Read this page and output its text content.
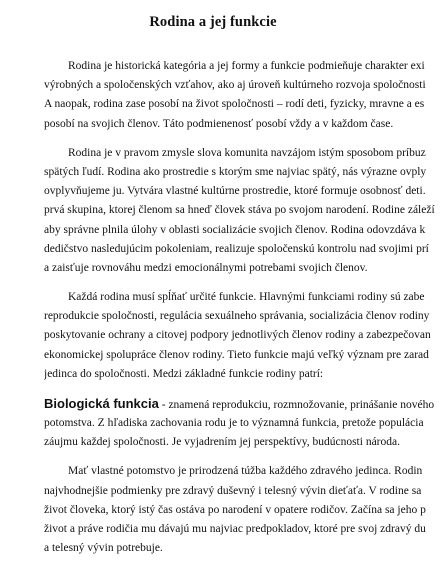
Rodina a jej funkcie
Rodina je historická kategória a jej formy a funkcie podmieňuje charakter exi
výrobných a spoločenských vzťahov, ako aj úroveň kultúrneho rozvoja spoločnosti
A naopak, rodina zase posobí na život spoločnosti – rodí deti, fyzicky, mravne a es
posobí na svojich členov. Táto podmienenosť posobí vždy a v každom čase.
Rodina je v pravom zmysle slova komunita navzájom istým sposobom príbuz
spätých ľudí. Rodina ako prostredie s ktorým sme najviac spätý, nás výrazne ovply
ovplyvňujeme ju. Vytvára vlastné kultúrne prostredie, ktoré formuje osobnosť deti.
prvá skupina, ktorej členom sa hneď človek stáva po svojom narodení. Rodine záleží
aby správne plnila úlohy v oblasti socializácie svojich členov. Rodina odovzdáva k
dedičstvo nasledujúcim pokoleniam, realizuje spoločenskú kontrolu nad svojimi prí
a zaisťuje rovnováhu medzi emocionálnymi potrebami svojich členov.
Každá rodina musí spĺňať určité funkcie. Hlavnými funkciami rodiny sú zabe
reprodukcie spoločnosti, regulácia sexuálneho správania, socializácia členov rodiny
poskytovanie ochrany a citovej podpory jednotlivých členov rodiny a zabezpečovan
ekonomickej spolupráce členov rodiny. Tieto funkcie majú veľký význam pre zarad
jedinca do spoločnosti. Medzi základné funkcie rodiny patrí:
Biologická funkcia - znamená reprodukciu, rozmnožovanie, prinášanie nového
potomstva. Z hľadiska zachovania rodu je to významná funkcia, pretože populácia
záujmu každej spoločnosti. Je vyjadrením jej perspektívy, budúcnosti národa.
Mať vlastné potomstvo je prirodzená túžba každého zdravého jedinca. Rodin
najvhodnejšie podmienky pre zdravý duševný i telesný vývin dieťaťa. V rodine sa
život človeka, ktorý istý čas ostáva po narodení v opatere rodičov. Začína sa jeho p
život a práve rodičia mu dávajú mu najviac predpokladov, ktoré pre svoj zdravý du
a telesný vývin potrebuje.
